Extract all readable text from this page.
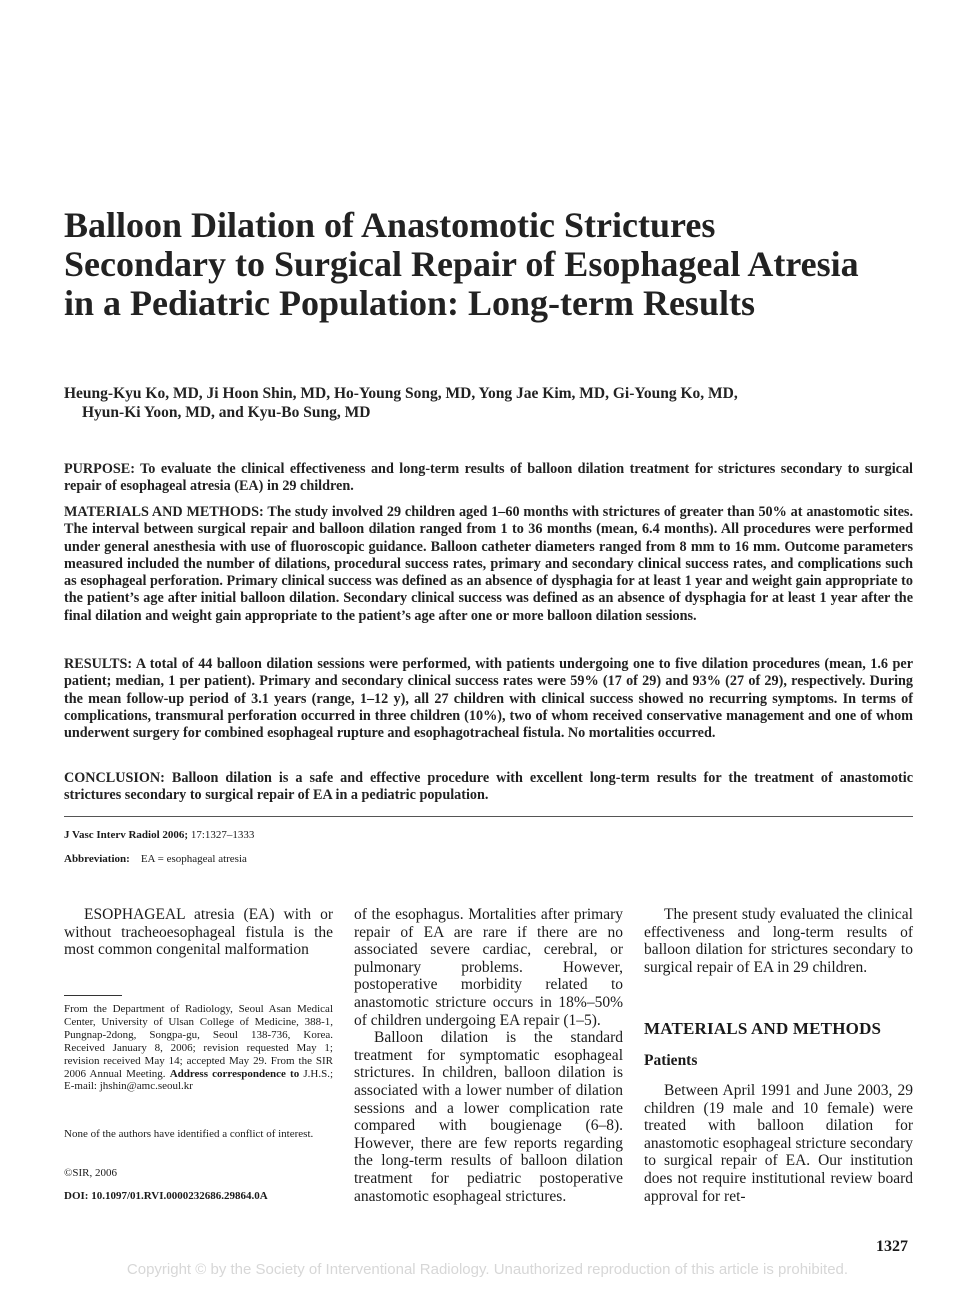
Balloon Dilation of Anastomotic Strictures Secondary to Surgical Repair of Esophageal Atresia in a Pediatric Population: Long-term Results
Heung-Kyu Ko, MD, Ji Hoon Shin, MD, Ho-Young Song, MD, Yong Jae Kim, MD, Gi-Young Ko, MD,
Hyun-Ki Yoon, MD, and Kyu-Bo Sung, MD

PURPOSE: To evaluate the clinical effectiveness and long-term results of balloon dilation treatment for strictures secondary to surgical repair of esophageal atresia (EA) in 29 children.

MATERIALS AND METHODS: The study involved 29 children aged 1–60 months with strictures of greater than 50% at anastomotic sites. The interval between surgical repair and balloon dilation ranged from 1 to 36 months (mean, 6.4 months). All procedures were performed under general anesthesia with use of fluoroscopic guidance. Balloon catheter diameters ranged from 8 mm to 16 mm. Outcome parameters measured included the number of dilations, procedural success rates, primary and secondary clinical success rates, and complications such as esophageal perforation. Primary clinical success was defined as an absence of dysphagia for at least 1 year and weight gain appropriate to the patient’s age after initial balloon dilation. Secondary clinical success was defined as an absence of dysphagia for at least 1 year after the final dilation and weight gain appropriate to the patient’s age after one or more balloon dilation sessions.

RESULTS: A total of 44 balloon dilation sessions were performed, with patients undergoing one to five dilation procedures (mean, 1.6 per patient; median, 1 per patient). Primary and secondary clinical success rates were 59% (17 of 29) and 93% (27 of 29), respectively. During the mean follow-up period of 3.1 years (range, 1–12 y), all 27 children with clinical success showed no recurring symptoms. In terms of complications, transmural perforation occurred in three children (10%), two of whom received conservative management and one of whom underwent surgery for combined esophageal rupture and esophagotracheal fistula. No mortalities occurred.

CONCLUSION: Balloon dilation is a safe and effective procedure with excellent long-term results for the treatment of anastomotic strictures secondary to surgical repair of EA in a pediatric population.

J Vasc Interv Radiol 2006; 17:1327–1333
Abbreviation: EA = esophageal atresia

ESOPHAGEAL atresia (EA) with or without tracheoesophageal fistula is the most common congenital malformation

From the Department of Radiology, Seoul Asan Medical Center, University of Ulsan College of Medicine, 388-1, Pungnap-2dong, Songpa-gu, Seoul 138-736, Korea. Received January 8, 2006; revision requested May 1; revision received May 14; accepted May 29. From the SIR 2006 Annual Meeting. Address correspondence to J.H.S.; E-mail: jhshin@amc.seoul.kr

None of the authors have identified a conflict of interest.

©SIR, 2006

DOI: 10.1097/01.RVI.0000232686.29864.0A

of the esophagus. Mortalities after primary repair of EA are rare if there are no associated severe cardiac, cerebral, or pulmonary problems. However, postoperative morbidity related to anastomotic stricture occurs in 18%–50% of children undergoing EA repair (1–5).

Balloon dilation is the standard treatment for symptomatic esophageal strictures. In children, balloon dilation is associated with a lower number of dilation sessions and a lower complication rate compared with bougienage (6–8). However, there are few reports regarding the long-term results of balloon dilation treatment for pediatric postoperative anastomotic esophageal strictures.

The present study evaluated the clinical effectiveness and long-term results of balloon dilation for strictures secondary to surgical repair of EA in 29 children.

MATERIALS AND METHODS
Patients

Between April 1991 and June 2003, 29 children (19 male and 10 female) were treated with balloon dilation for anastomotic esophageal stricture secondary to surgical repair of EA. Our institution does not require institutional review board approval for ret-

1327
Copyright © by the Society of Interventional Radiology. Unauthorized reproduction of this article is prohibited.
